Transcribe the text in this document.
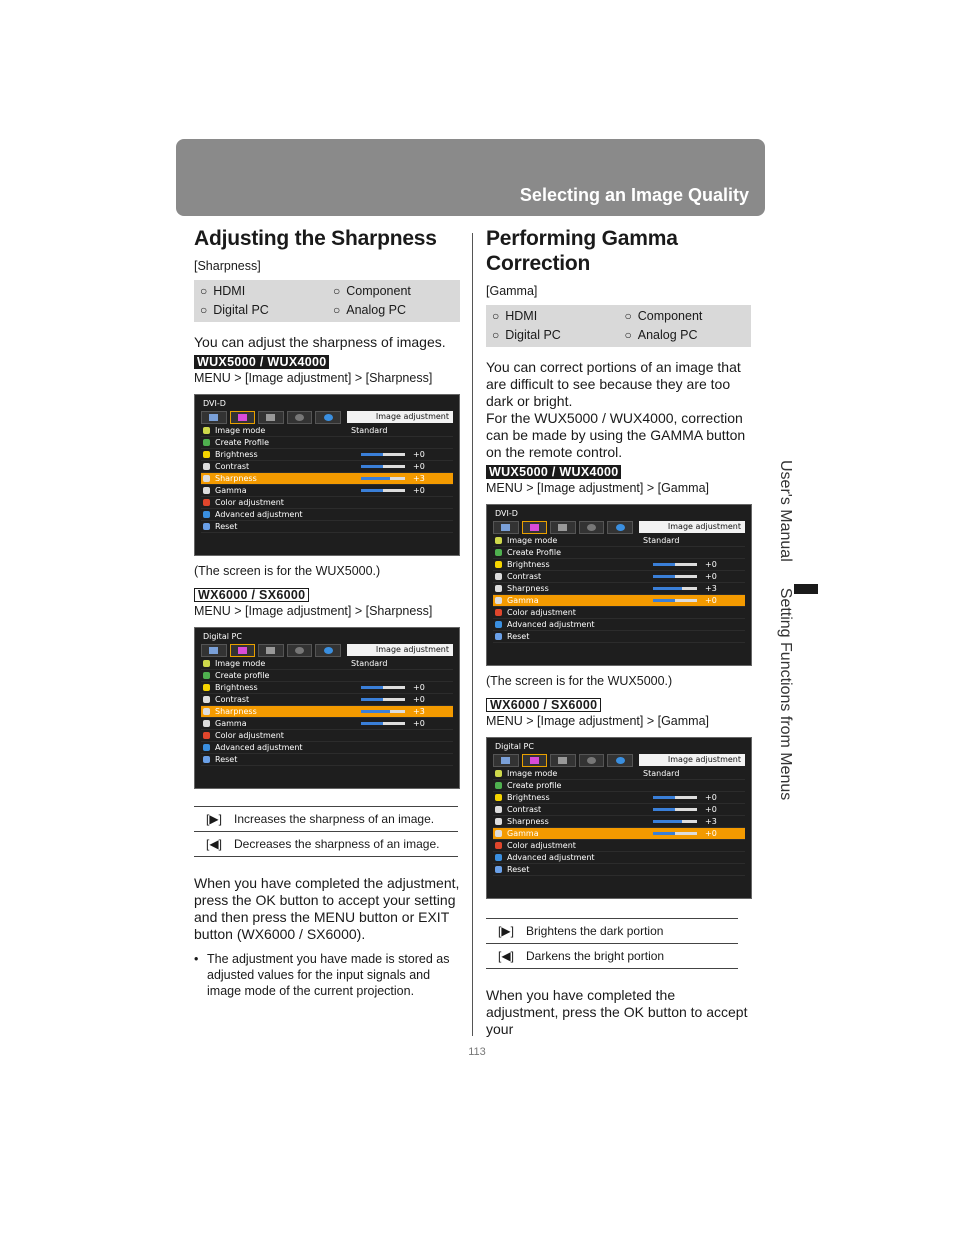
Selecting an Image Quality
Adjusting the Sharpness
[Sharpness]
○ HDMI	○ Component
○ Digital PC	○ Analog PC
You can adjust the sharpness of images.
WUX5000 / WUX4000
MENU > [Image adjustment] > [Sharpness]
DVI-D
Image adjustment
Image mode	Standard
Create Profile
Brightness	+0
Contrast	+0
Sharpness	+3
Gamma	+0
Color adjustment
Advanced adjustment
Reset
(The screen is for the WUX5000.)
WX6000 / SX6000
MENU > [Image adjustment] > [Sharpness]
Digital PC
Image adjustment
Image mode	Standard
Create profile
Brightness	+0
Contrast	+0
Sharpness	+3
Gamma	+0
Color adjustment
Advanced adjustment
Reset
[▶]	Increases the sharpness of an image.
[◀]	Decreases the sharpness of an image.
When you have completed the adjustment, press the OK button to accept your setting and then press the MENU button or EXIT button (WX6000 / SX6000).
• The adjustment you have made is stored as adjusted values for the input signals and image mode of the current projection.
Performing Gamma Correction
[Gamma]
○ HDMI	○ Component
○ Digital PC	○ Analog PC
You can correct portions of an image that are difficult to see because they are too dark or bright.
For the WUX5000 / WUX4000, correction can be made by using the GAMMA button on the remote control.
WUX5000 / WUX4000
MENU > [Image adjustment] > [Gamma]
DVI-D
Image adjustment
Image mode	Standard
Create Profile
Brightness	+0
Contrast	+0
Sharpness	+3
Gamma	+0
Color adjustment
Advanced adjustment
Reset
(The screen is for the WUX5000.)
WX6000 / SX6000
MENU > [Image adjustment] > [Gamma]
Digital PC
Image adjustment
Image mode	Standard
Create profile
Brightness	+0
Contrast	+0
Sharpness	+3
Gamma	+0
Color adjustment
Advanced adjustment
Reset
[▶]	Brightens the dark portion
[◀]	Darkens the bright portion
When you have completed the adjustment, press the OK button to accept your
User's ManualSetting Functions from Menus
113
